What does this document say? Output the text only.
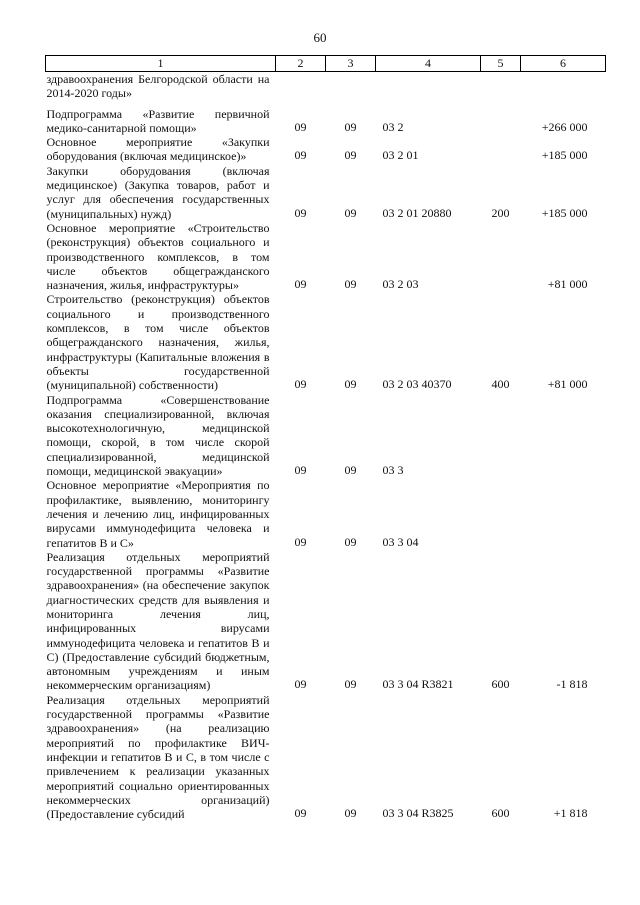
60
1	2	3	4	5	6
здравоохранения Белгородской области на 2014-2020 годы»					

Подпрограмма «Развитие первичной медико-санитарной помощи»	09	09	03 2		+266 000
Основное мероприятие «Закупки оборудования (включая медицинское)»	09	09	03 2 01		+185 000
Закупки оборудования (включая медицинское) (Закупка товаров, работ и услуг для обеспечения государственных (муниципальных) нужд)	09	09	03 2 01 20880	200	+185 000
Основное мероприятие «Строительство (реконструкция) объектов социального и производственного комплексов, в том числе объектов общегражданского назначения, жилья, инфраструктуры»	09	09	03 2 03		+81 000
Строительство (реконструкция) объектов социального и производственного комплексов, в том числе объектов общегражданского назначения, жилья, инфраструктуры (Капитальные вложения в объекты государственной (муниципальной) собственности)	09	09	03 2 03 40370	400	+81 000
Подпрограмма «Совершенствование оказания специализированной, включая высокотехнологичную, медицинской помощи, скорой, в том числе скорой специализированной, медицинской помощи, медицинской эвакуации»	09	09	03 3		
Основное мероприятие «Мероприятия по профилактике, выявлению, мониторингу лечения и лечению лиц, инфицированных вирусами иммунодефицита человека и гепатитов В и С»	09	09	03 3 04		
Реализация отдельных мероприятий государственной программы «Развитие здравоохранения» (на обеспечение закупок диагностических средств для выявления и мониторинга лечения лиц, инфицированных вирусами иммунодефицита человека и гепатитов В и С) (Предоставление субсидий бюджетным, автономным учреждениям и иным некоммерческим организациям)	09	09	03 3 04 R3821	600	-1 818
Реализация отдельных мероприятий государственной программы «Развитие здравоохранения» (на реализацию мероприятий по профилактике ВИЧ-инфекции и гепатитов В и С, в том числе с привлечением к реализации указанных мероприятий социально ориентированных некоммерческих организаций) (Предоставление субсидий	09	09	03 3 04 R3825	600	+1 818
